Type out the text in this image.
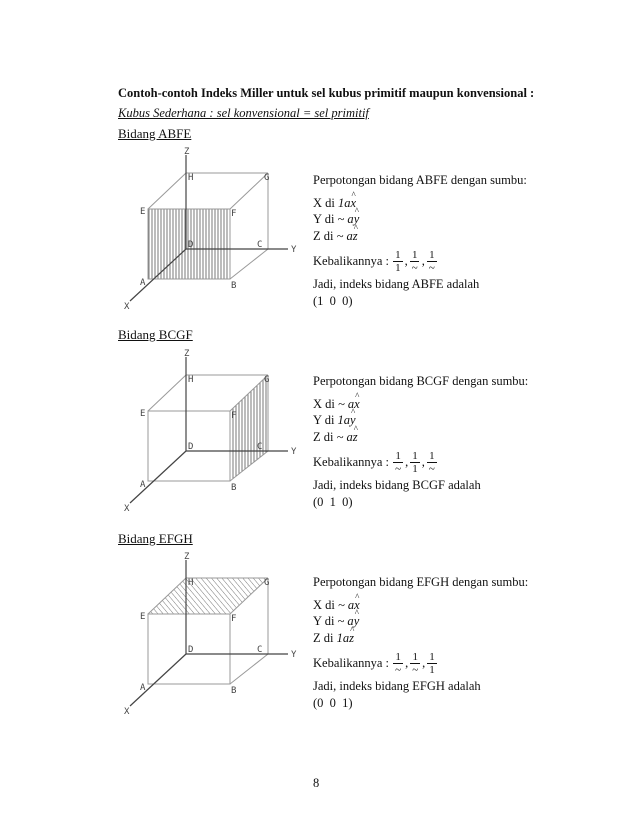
Contoh-contoh Indeks Miller untuk sel kubus primitif maupun konvensional :
Kubus Sederhana : sel konvensional = sel primitif
Bidang ABFE
Z
Y
X
A	B
C
D
E	F
G
H	Perpotongan bidang ABFE dengan sumbu:
X di 1a^ x
Y di ~ a^ y
Z di ~ a^ z
Kebalikannya :
$\frac{1}{1}$ , $\frac{1}{\sim}$ , $\frac{1}{\sim}$
Jadi, indeks bidang ABFE adalah
(1  0  0)
Bidang BCGF
Z
Y
X
A	B
C
D
E	F
G
H	Perpotongan bidang BCGF dengan sumbu:
X di ~ a^ x
Y di 1a^ y
Z di ~ a^ z
Kebalikannya :
$\frac{1}{\sim}$ , $\frac{1}{1}$ , $\frac{1}{\sim}$
Jadi, indeks bidang BCGF adalah
(0  1  0)
Bidang EFGH
Z
Y
X
A	B
C
D
E	F
G
H	Perpotongan bidang EFGH dengan sumbu:
X di ~ a^ x
Y di ~ a^ y
Z di 1a^ z
Kebalikannya :
$\frac{1}{\sim}$ , $\frac{1}{\sim}$ , $\frac{1}{1}$
Jadi, indeks bidang EFGH adalah
(0  0  1)
8
